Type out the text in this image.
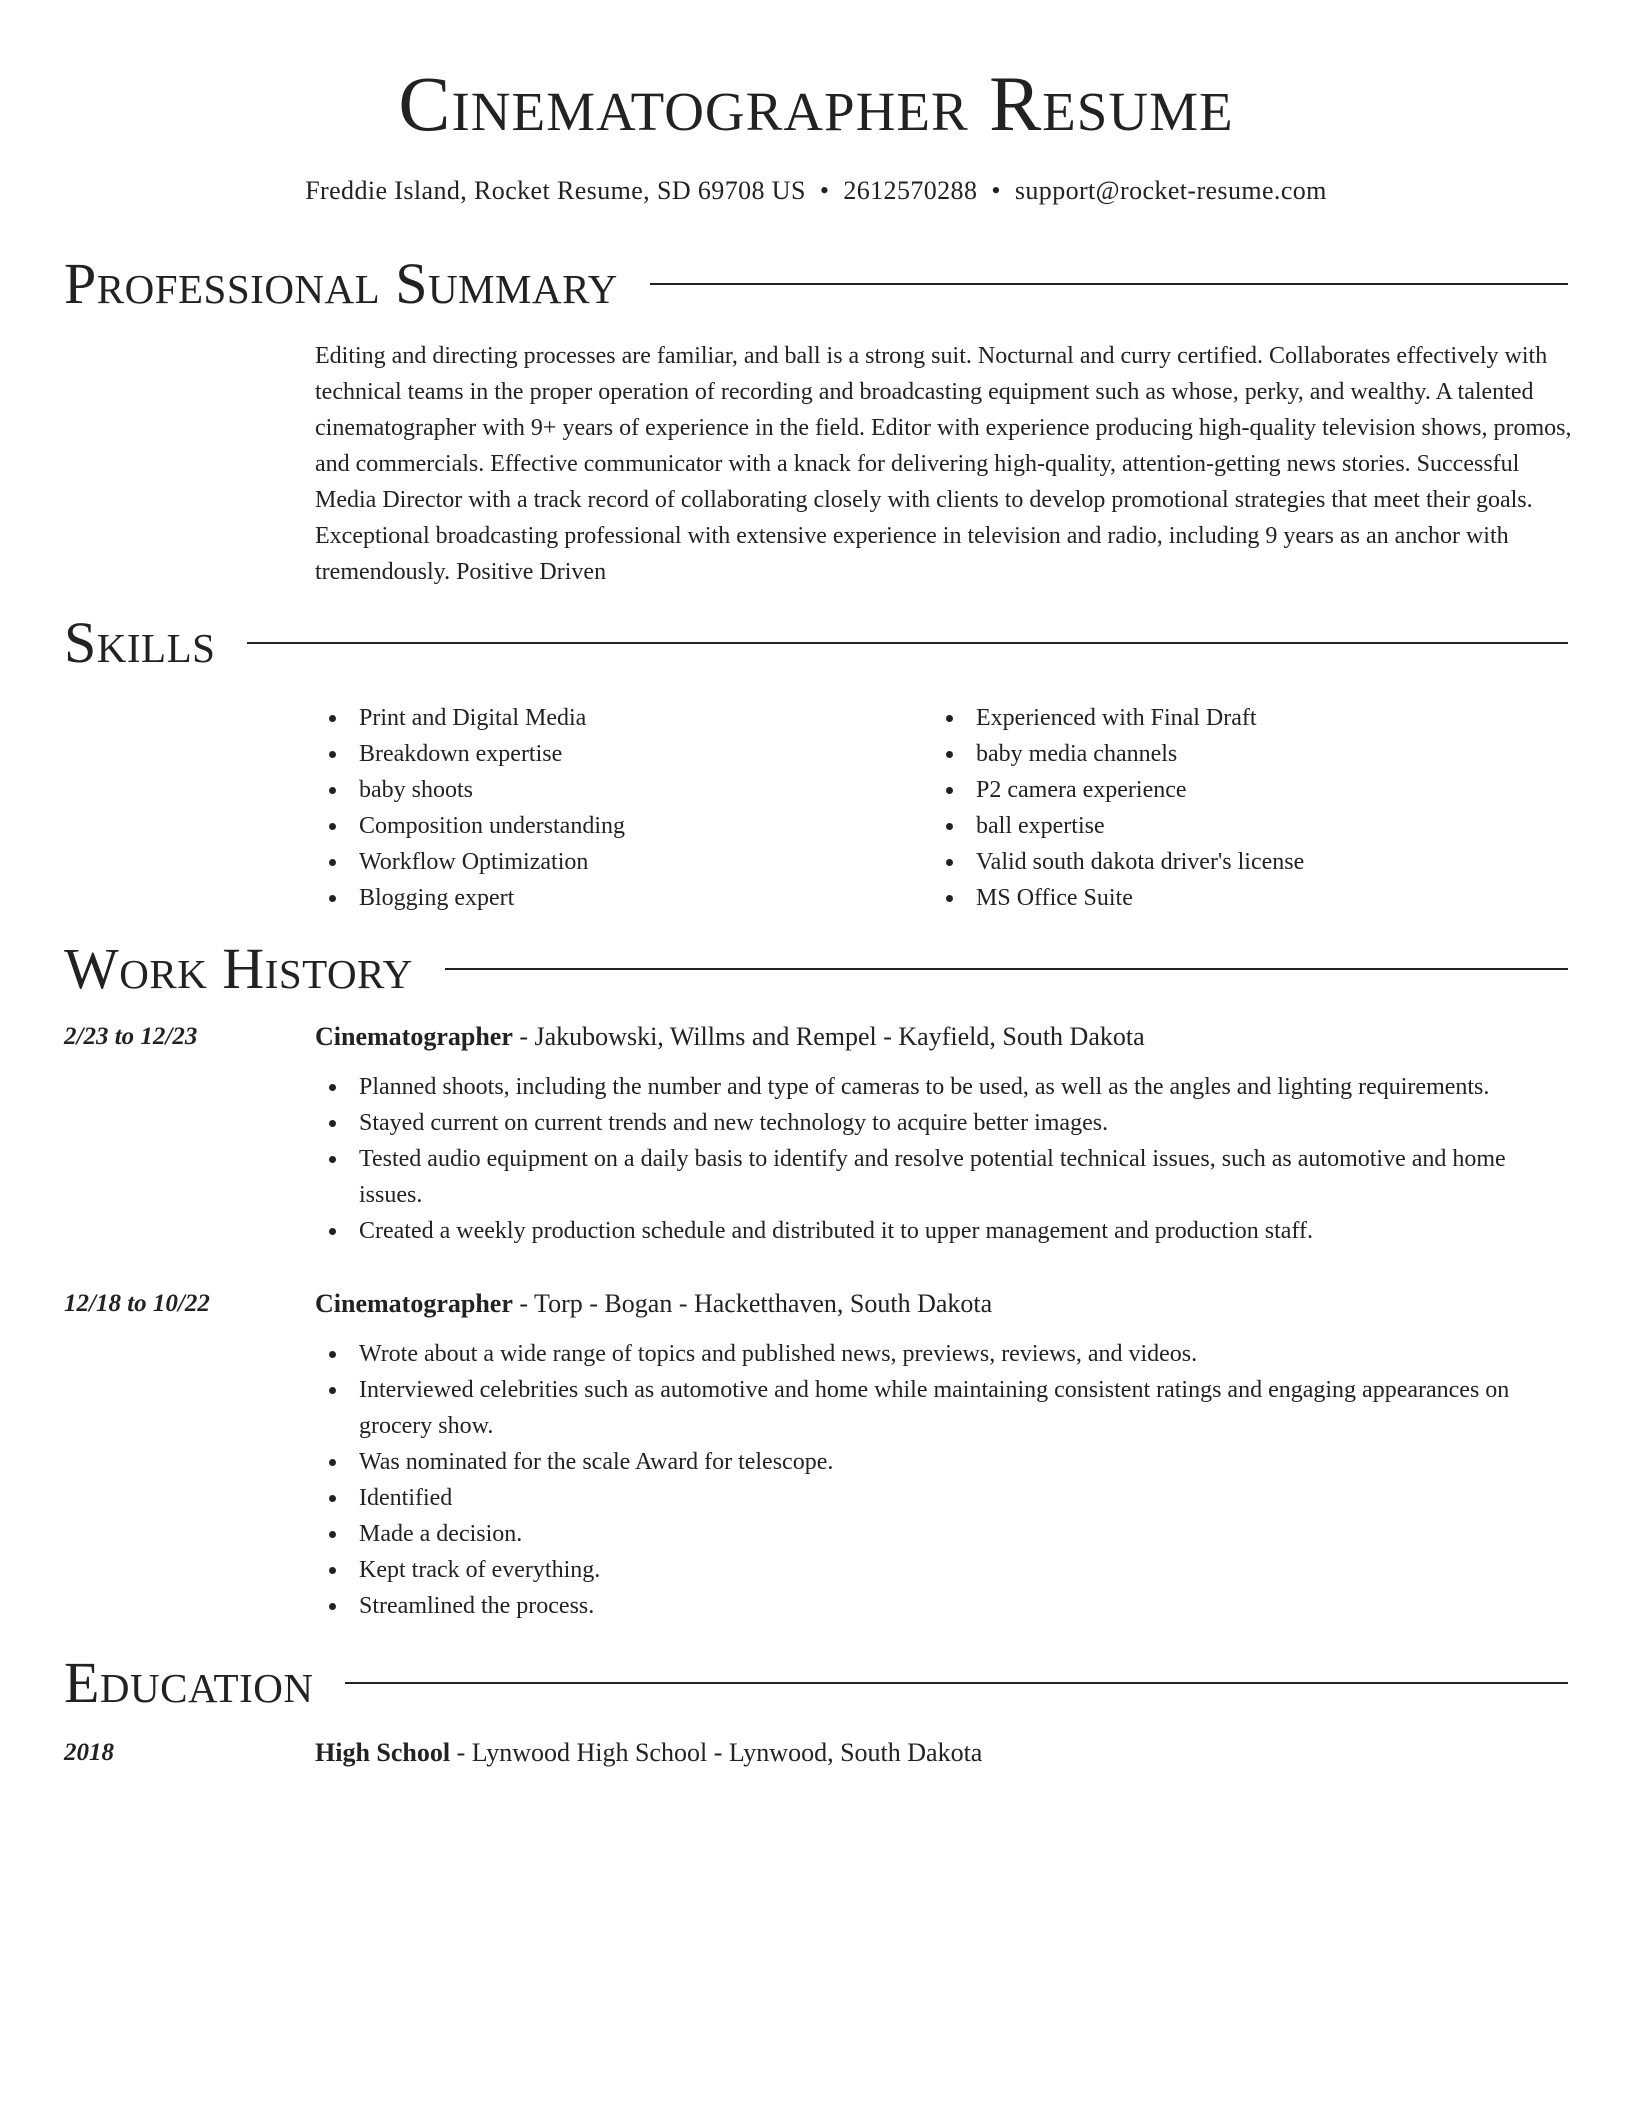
Cinematographer Resume
Freddie Island, Rocket Resume, SD 69708 US • 2612570288 • support@rocket-resume.com
Professional Summary

Editing and directing processes are familiar, and ball is a strong suit. Nocturnal and curry certified. Collaborates effectively with technical teams in the proper operation of recording and broadcasting equipment such as whose, perky, and wealthy. A talented cinematographer with 9+ years of experience in the field. Editor with experience producing high-quality television shows, promos, and commercials. Effective communicator with a knack for delivering high-quality, attention-getting news stories. Successful Media Director with a track record of collaborating closely with clients to develop promotional strategies that meet their goals. Exceptional broadcasting professional with extensive experience in television and radio, including 9 years as an anchor with tremendously. Positive Driven

Skills
Print and Digital Media
Breakdown expertise
baby shoots
Composition understanding
Workflow Optimization
Blogging expert
Experienced with Final Draft
baby media channels
P2 camera experience
ball expertise
Valid south dakota driver's license
MS Office Suite
Work History
2/23 to 12/23	Cinematographer - Jakubowski, Willms and Rempel - Kayfield, South Dakota
Planned shoots, including the number and type of cameras to be used, as well as the angles and lighting requirements.
Stayed current on current trends and new technology to acquire better images.
Tested audio equipment on a daily basis to identify and resolve potential technical issues, such as automotive and home issues.
Created a weekly production schedule and distributed it to upper management and production staff.
12/18 to 10/22	Cinematographer - Torp - Bogan - Hacketthaven, South Dakota
Wrote about a wide range of topics and published news, previews, reviews, and videos.
Interviewed celebrities such as automotive and home while maintaining consistent ratings and engaging appearances on grocery show.
Was nominated for the scale Award for telescope.
Identified
Made a decision.
Kept track of everything.
Streamlined the process.
Education
2018	High School - Lynwood High School - Lynwood, South Dakota
